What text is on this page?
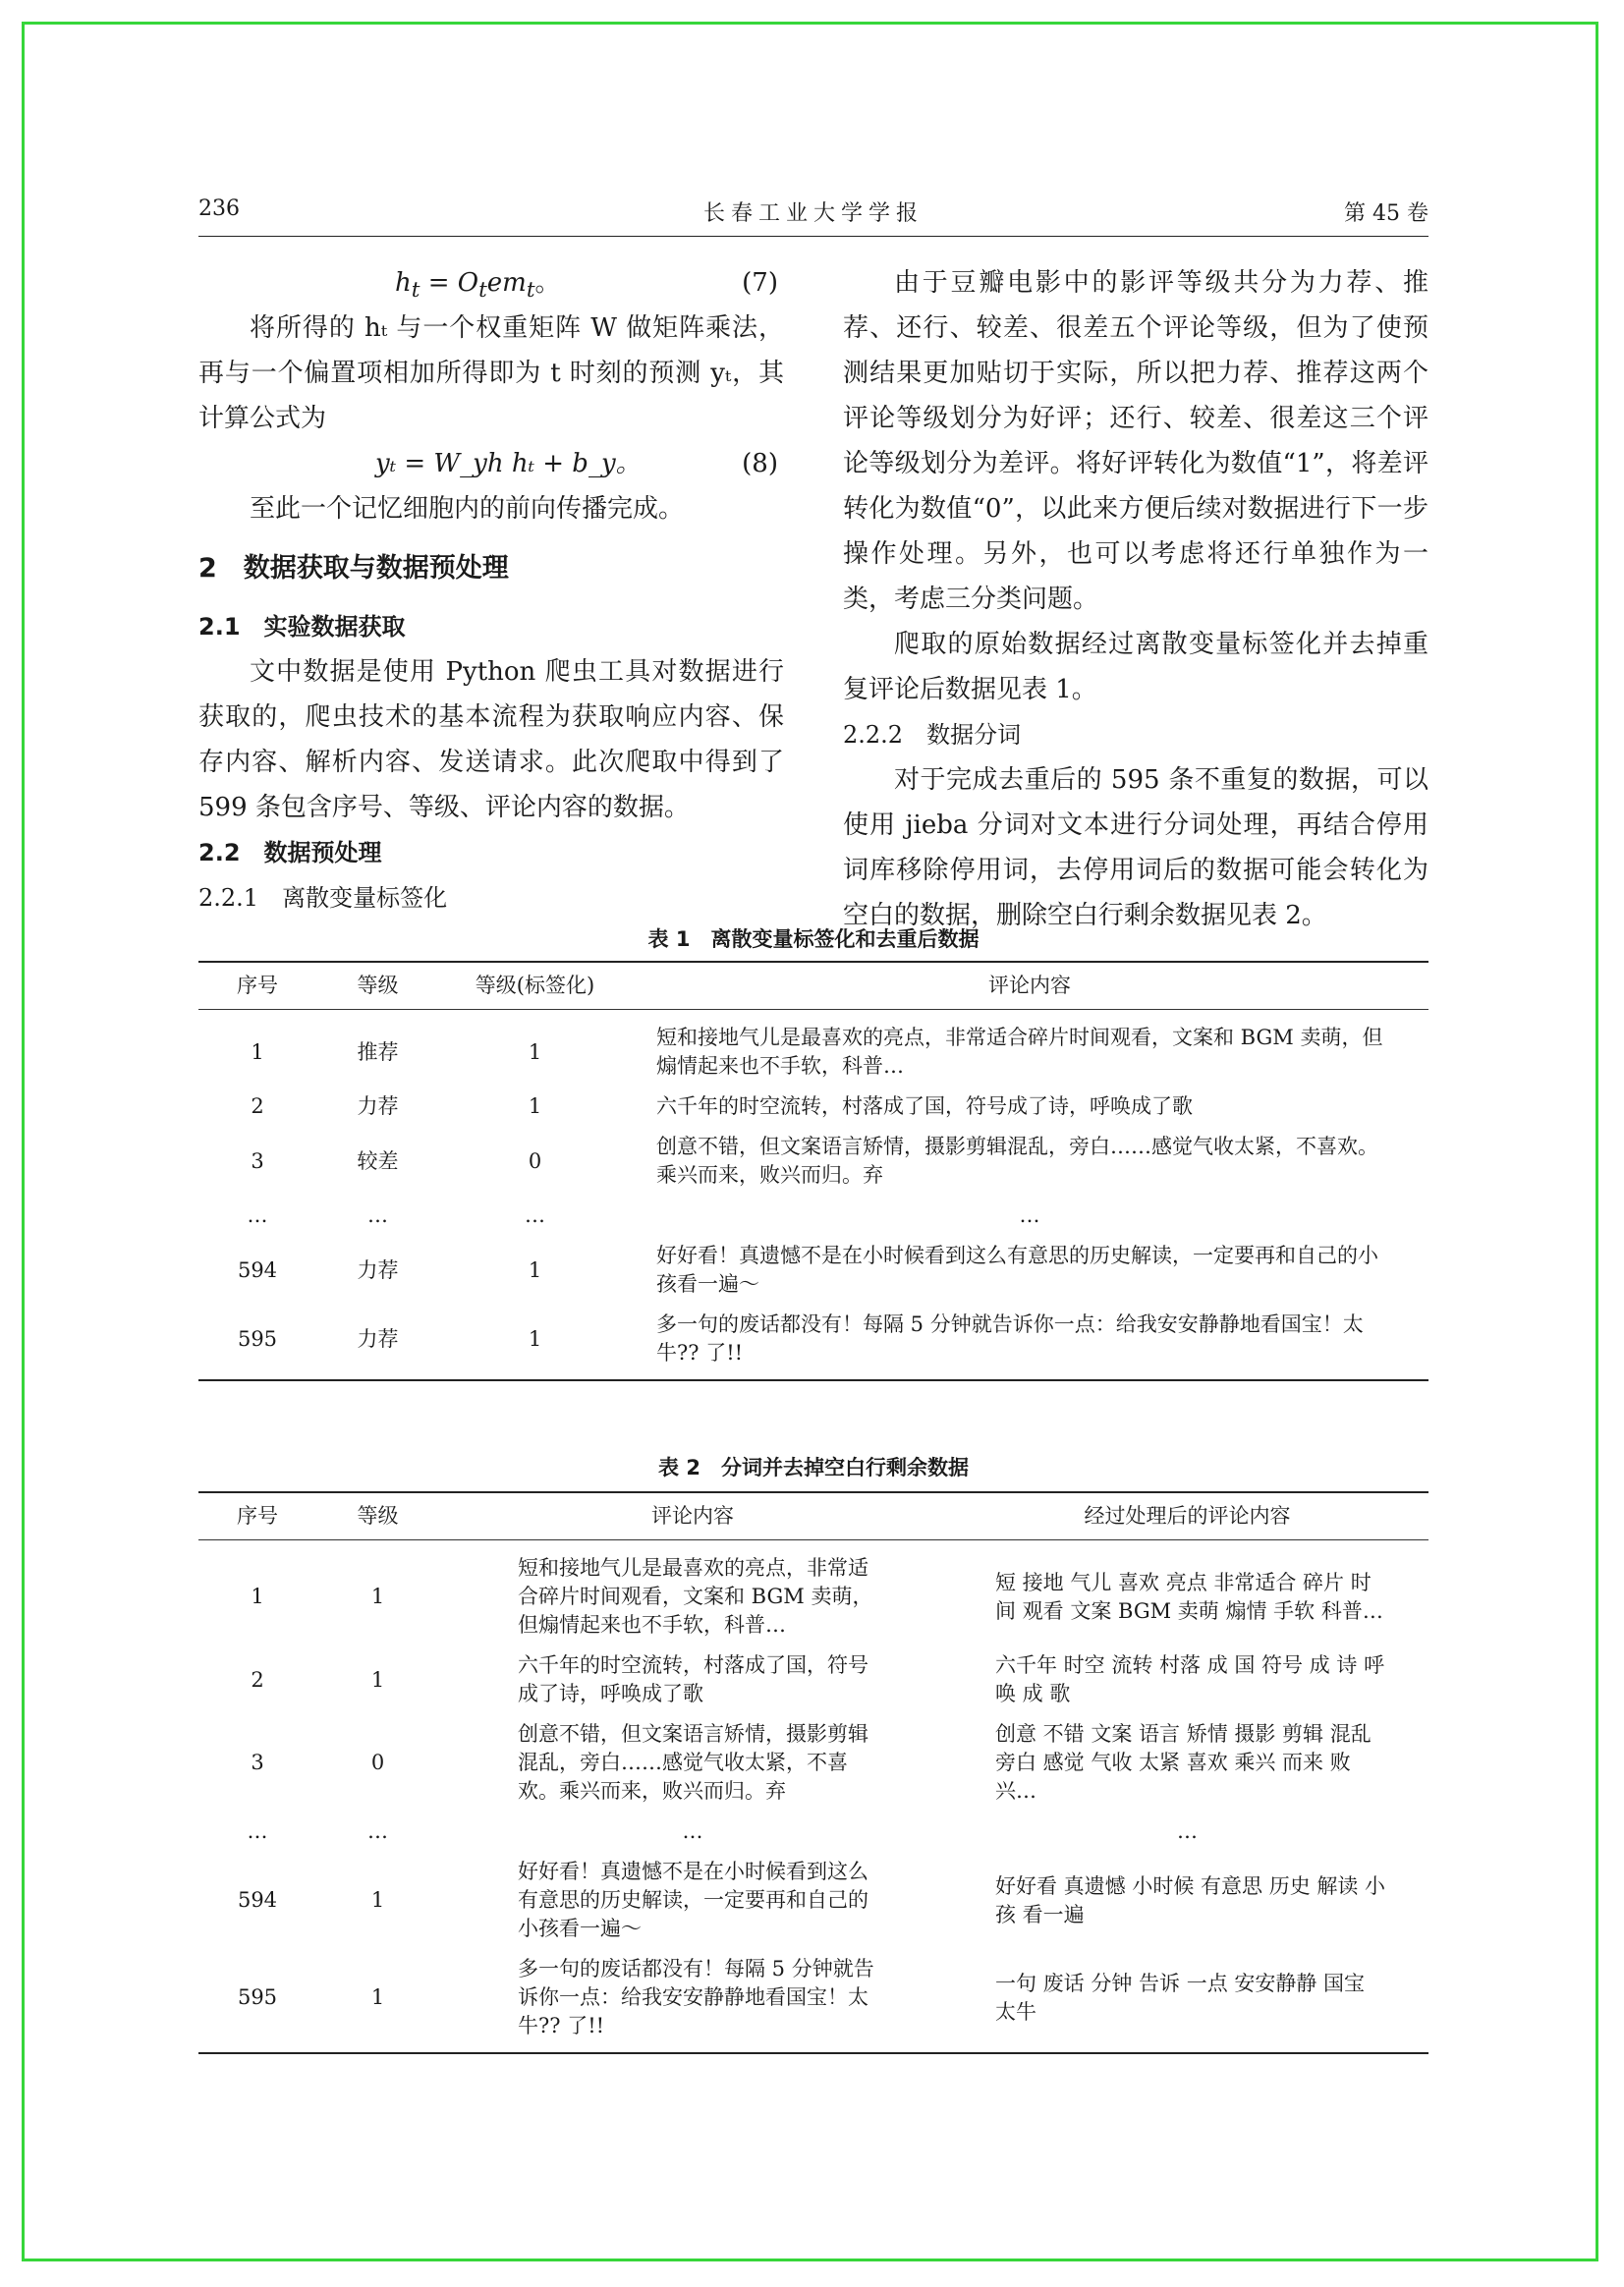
236	长春工业大学学报	第 45 卷
$h_t = O_tem_t$。	(7)

将所得的 hₜ 与一个权重矩阵 W 做矩阵乘法，再与一个偏置项相加所得即为 t 时刻的预测 yₜ，其计算公式为

yₜ = W_yh hₜ + b_y。	(8)

至此一个记忆细胞内的前向传播完成。

2　数据获取与数据预处理
2.1　实验数据获取

文中数据是使用 Python 爬虫工具对数据进行获取的，爬虫技术的基本流程为获取响应内容、保存内容、解析内容、发送请求。此次爬取中得到了 599 条包含序号、等级、评论内容的数据。

2.2　数据预处理
2.2.1　离散变量标签化

由于豆瓣电影中的影评等级共分为力荐、推荐、还行、较差、很差五个评论等级，但为了使预测结果更加贴切于实际，所以把力荐、推荐这两个评论等级划分为好评；还行、较差、很差这三个评论等级划分为差评。将好评转化为数值“1”，将差评转化为数值“0”，以此来方便后续对数据进行下一步操作处理。另外，也可以考虑将还行单独作为一类，考虑三分类问题。

爬取的原始数据经过离散变量标签化并去掉重复评论后数据见表 1。

2.2.2　数据分词

对于完成去重后的 595 条不重复的数据，可以使用 jieba 分词对文本进行分词处理，再结合停用词库移除停用词，去停用词后的数据可能会转化为空白的数据，删除空白行剩余数据见表 2。

表 1　离散变量标签化和去重后数据
序号	等级	等级(标签化)	评论内容
1	推荐	1	短和接地气儿是最喜欢的亮点，非常适合碎片时间观看，文案和 BGM 卖萌，但煽情起来也不手软，科普…
2	力荐	1	六千年的时空流转，村落成了国，符号成了诗，呼唤成了歌
3	较差	0	创意不错，但文案语言矫情，摄影剪辑混乱，旁白……感觉气收太紧，不喜欢。乘兴而来，败兴而归。弃
…	…	…	…
594	力荐	1	好好看！真遗憾不是在小时候看到这么有意思的历史解读，一定要再和自己的小孩看一遍～
595	力荐	1	多一句的废话都没有！每隔 5 分钟就告诉你一点：给我安安静静地看国宝！太牛?? 了!!
表 2　分词并去掉空白行剩余数据
序号	等级	评论内容	经过处理后的评论内容
1	1	短和接地气儿是最喜欢的亮点，非常适合碎片时间观看，文案和 BGM 卖萌，但煽情起来也不手软，科普…	短 接地 气儿 喜欢 亮点 非常适合 碎片 时间 观看 文案 BGM 卖萌 煽情 手软 科普…
2	1	六千年的时空流转，村落成了国，符号成了诗，呼唤成了歌	六千年 时空 流转 村落 成 国 符号 成 诗 呼唤 成 歌
3	0	创意不错，但文案语言矫情，摄影剪辑混乱，旁白……感觉气收太紧，不喜欢。乘兴而来，败兴而归。弃	创意 不错 文案 语言 矫情 摄影 剪辑 混乱 旁白 感觉 气收 太紧 喜欢 乘兴 而来 败兴…
…	…	…	…
594	1	好好看！真遗憾不是在小时候看到这么有意思的历史解读，一定要再和自己的小孩看一遍～	好好看 真遗憾 小时候 有意思 历史 解读 小孩 看一遍
595	1	多一句的废话都没有！每隔 5 分钟就告诉你一点：给我安安静静地看国宝！太牛?? 了!!	一句 废话 分钟 告诉 一点 安安静静 国宝 太牛
